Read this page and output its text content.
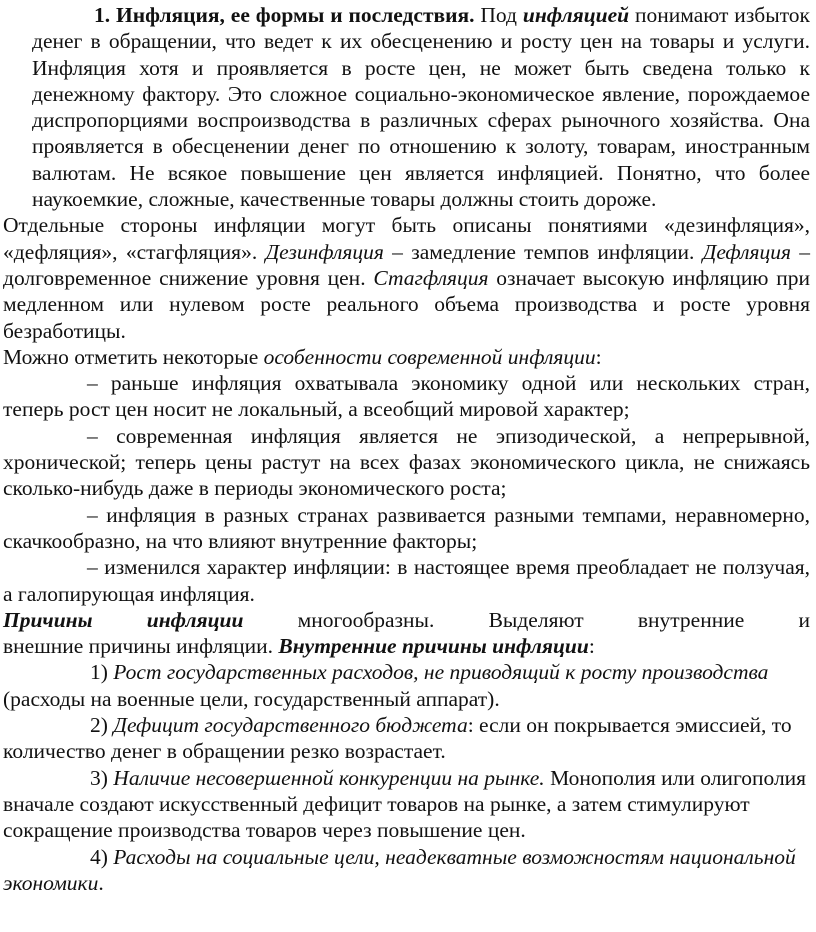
1. Инфляция, ее формы и последствия. Под инфляцией понимают избыток денег в обращении, что ведет к их обесценению и росту цен на товары и услуги. Инфляция хотя и проявляется в росте цен, не может быть сведена только к денежному фактору. Это сложное социально-экономическое явление, порождаемое диспропорциями воспроизводства в различных сферах рыночного хозяйства. Она проявляется в обесценении денег по отношению к золоту, товарам, иностранным валютам. Не всякое повышение цен является инфляцией. Понятно, что более наукоемкие, сложные, качественные товары должны стоить дороже.

Отдельные стороны инфляции могут быть описаны понятиями «дезинфляция», «дефляция», «стагфляция». Дезинфляция – замедление темпов инфляции. Дефляция – долговременное снижение уровня цен. Стагфляция означает высокую инфляцию при медленном или нулевом росте реального объема производства и росте уровня безработицы.

Можно отметить некоторые особенности современной инфляции:

– раньше инфляция охватывала экономику одной или нескольких стран, теперь рост цен носит не локальный, а всеобщий мировой характер;

– современная инфляция является не эпизодической, а непрерывной, хронической; теперь цены растут на всех фазах экономического цикла, не снижаясь сколько-нибудь даже в периоды экономического роста;

– инфляция в разных странах развивается разными темпами, неравномерно, скачкообразно, на что влияют внутренние факторы;

– изменился характер инфляции: в настоящее время преобладает не ползучая, а галопирующая инфляция.

Причины	инфляции	многообразны.	Выделяют	внутренние	и

внешние причины инфляции. Внутренние причины инфляции:

1) Рост государственных расходов, не приводящий к росту производства (расходы на военные цели, государственный аппарат).

2) Дефицит государственного бюджета: если он покрывается эмиссией, то количество денег в обращении резко возрастает.

3) Наличие несовершенной конкуренции на рынке. Монополия или олигополия вначале создают искусственный дефицит товаров на рынке, а затем стимулируют сокращение производства товаров через повышение цен.

4) Расходы на социальные цели, неадекватные возможностям национальной экономики.
